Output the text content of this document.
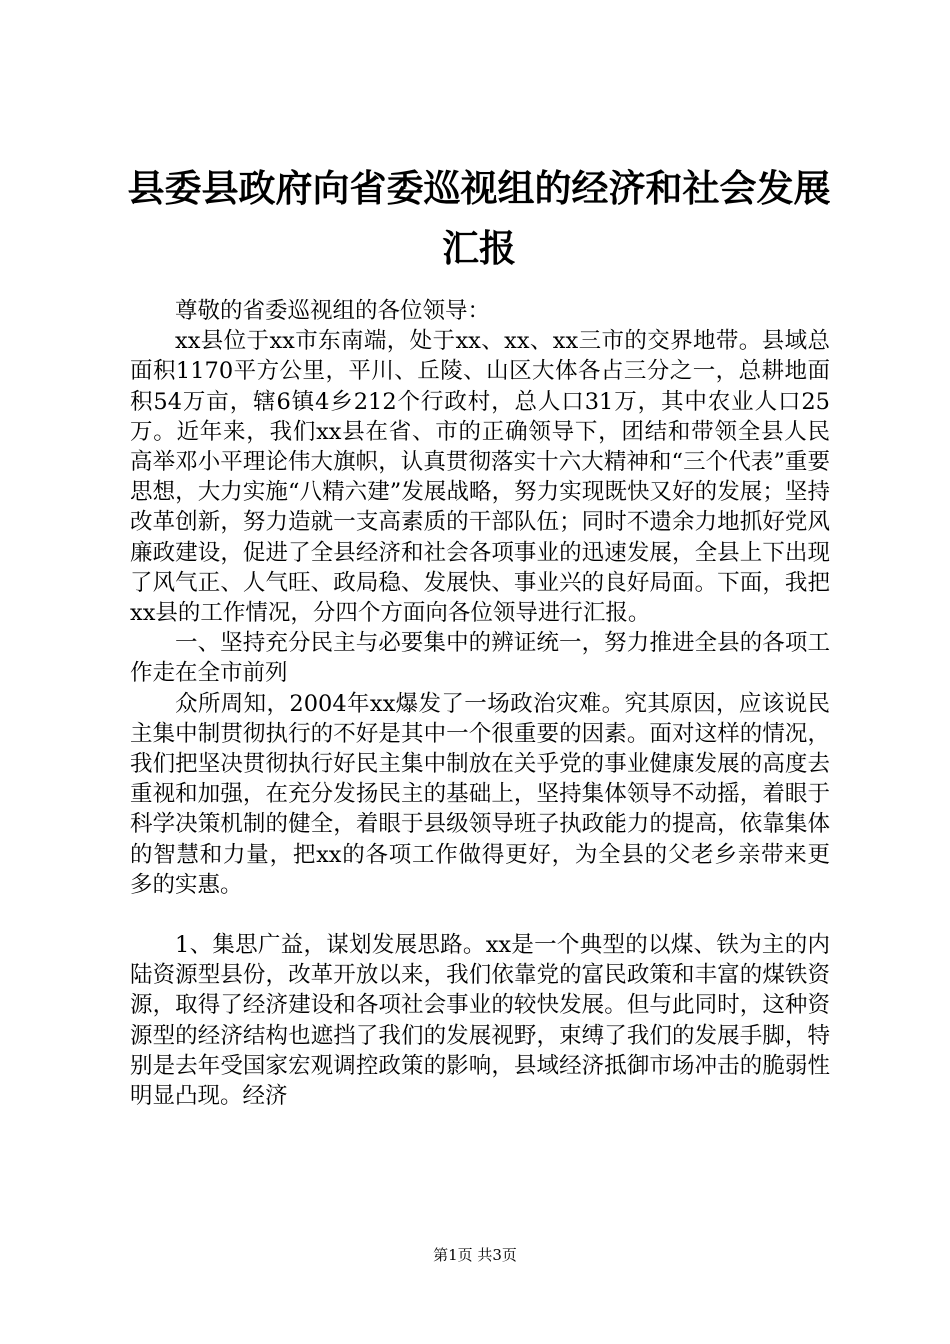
县委县政府向省委巡视组的经济和社会发展汇报

尊敬的省委巡视组的各位领导：

xx县位于xx市东南端，处于xx、xx、xx三市的交界地带。县域总面积1170平方公里，平川、丘陵、山区大体各占三分之一，总耕地面积54万亩，辖6镇4乡212个行政村，总人口31万，其中农业人口25万。近年来，我们xx县在省、市的正确领导下，团结和带领全县人民高举邓小平理论伟大旗帜，认真贯彻落实十六大精神和“三个代表”重要思想，大力实施“八精六建”发展战略，努力实现既快又好的发展；坚持改革创新，努力造就一支高素质的干部队伍；同时不遗余力地抓好党风廉政建设，促进了全县经济和社会各项事业的迅速发展，全县上下出现了风气正、人气旺、政局稳、发展快、事业兴的良好局面。下面，我把xx县的工作情况，分四个方面向各位领导进行汇报。

一、坚持充分民主与必要集中的辨证统一，努力推进全县的各项工作走在全市前列

众所周知，2004年xx爆发了一场政治灾难。究其原因，应该说民主集中制贯彻执行的不好是其中一个很重要的因素。面对这样的情况，我们把坚决贯彻执行好民主集中制放在关乎党的事业健康发展的高度去重视和加强，在充分发扬民主的基础上，坚持集体领导不动摇，着眼于科学决策机制的健全，着眼于县级领导班子执政能力的提高，依靠集体的智慧和力量，把xx的各项工作做得更好，为全县的父老乡亲带来更多的实惠。

1、集思广益，谋划发展思路。xx是一个典型的以煤、铁为主的内陆资源型县份，改革开放以来，我们依靠党的富民政策和丰富的煤铁资源，取得了经济建设和各项社会事业的较快发展。但与此同时，这种资源型的经济结构也遮挡了我们的发展视野，束缚了我们的发展手脚，特别是去年受国家宏观调控政策的影响，县域经济抵御市场冲击的脆弱性明显凸现。经济

第1页 共3页
